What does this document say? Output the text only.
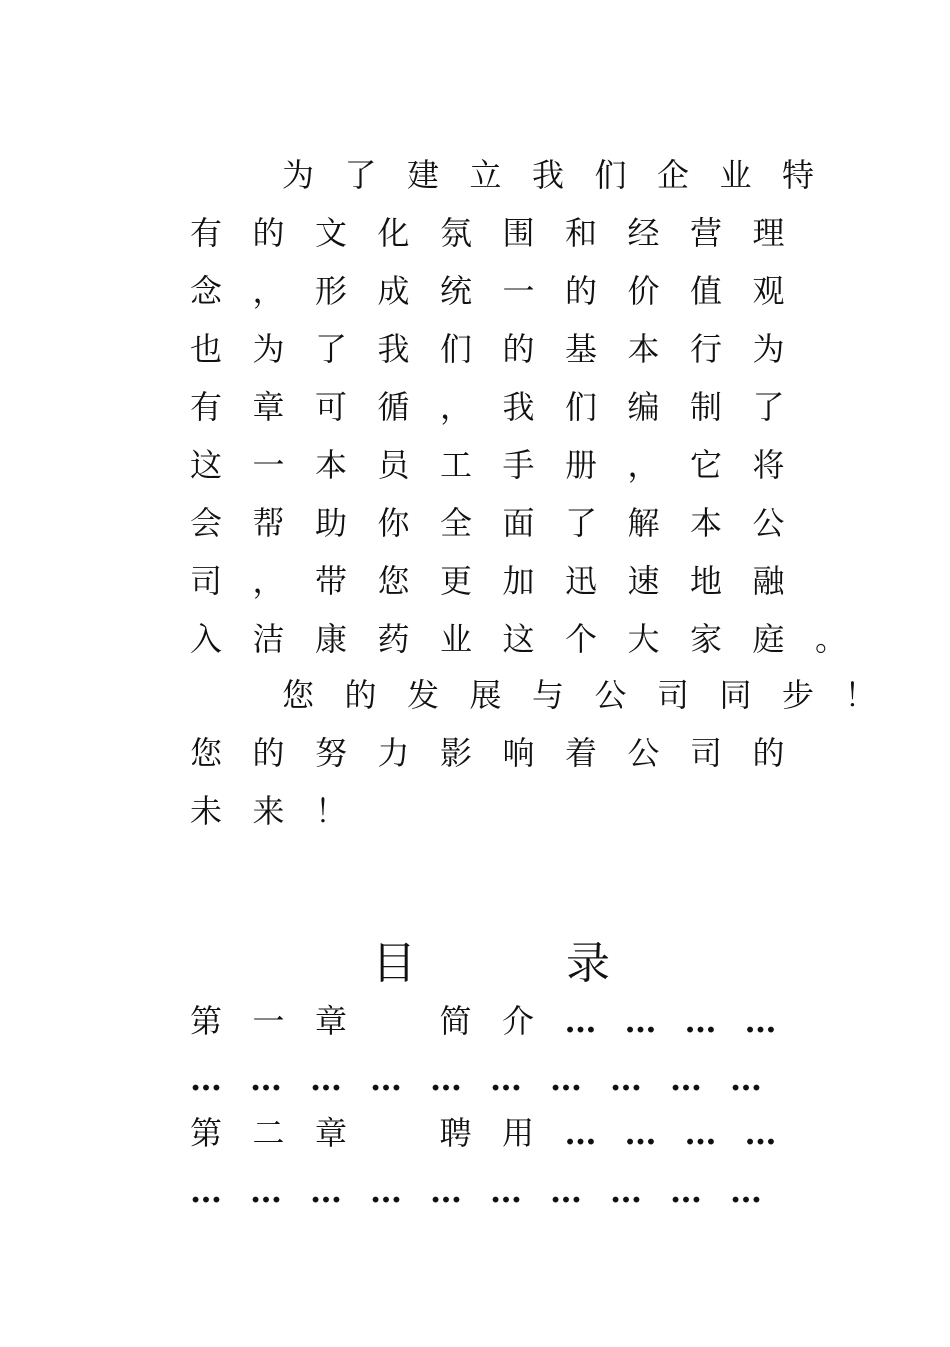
为了建立我们企业特
有的文化氛围和经营理
念，形成统一的价值观
也为了我们的基本行为
有章可循，我们编制了
这一本员工手册，它将
会帮助你全面了解本公
司，带您更加迅速地融
入洁康药业这个大家庭。
您的发展与公司同步！
您的努力影响着公司的
未来！
目录
第一章 简介…………
…………………………
第二章 聘用…………
…………………………
